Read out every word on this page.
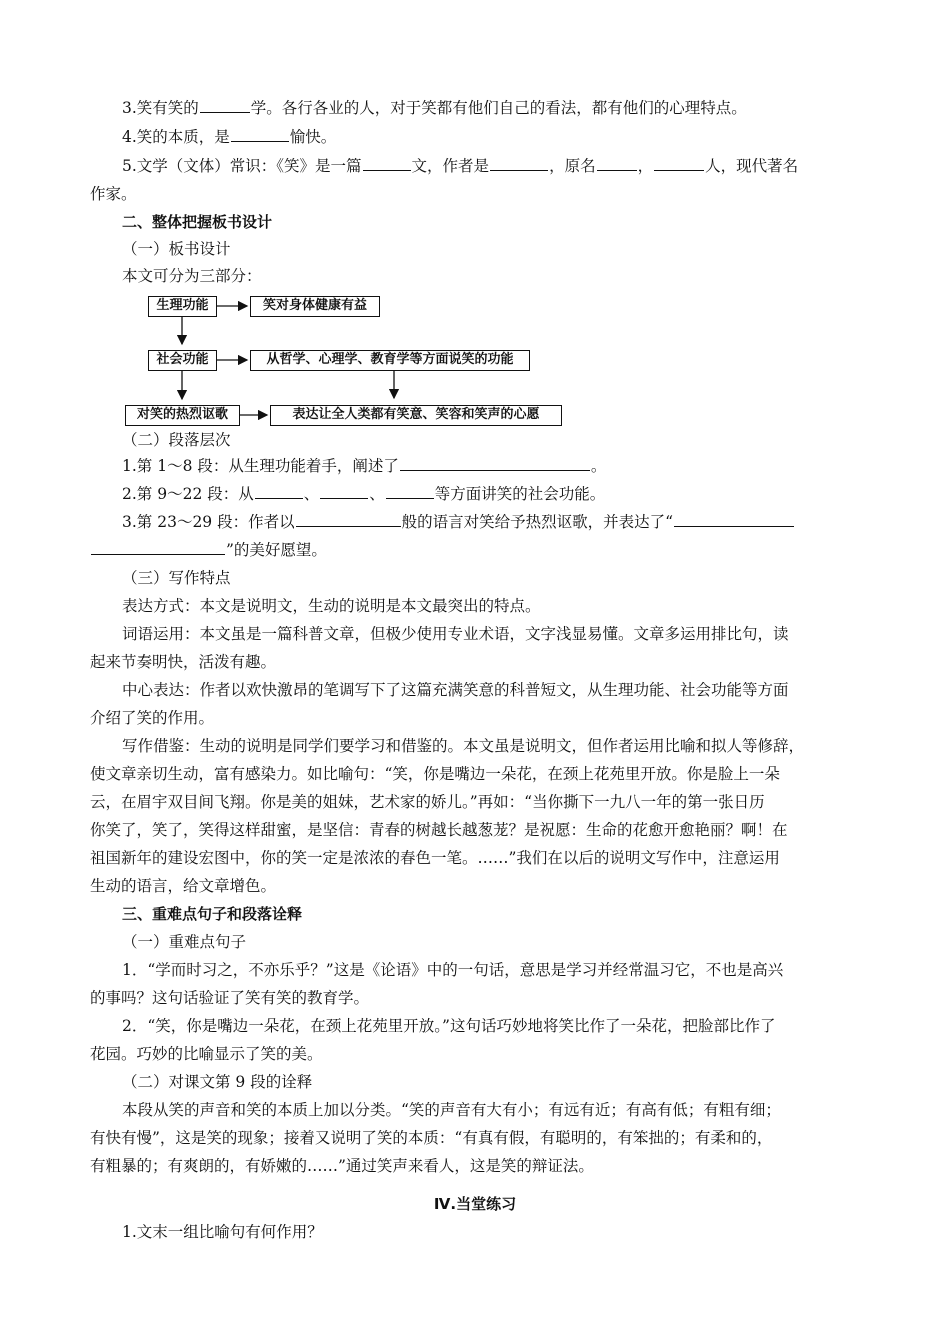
3.笑有笑的	学。各行各业的人，对于笑都有他们自己的看法，都有他们的心理特点。
4.笑的本质，是	愉快。
5.文学（文体）常识：《笑》是一篇	文，作者是	，原名	，	人，现代著名
作家。
二、整体把握板书设计
（一）板书设计
本文可分为三部分：
生理功能	笑对身体健康有益
社会功能	从哲学、心理学、教育学等方面说笑的功能
对笑的热烈讴歌	表达让全人类都有笑意、笑容和笑声的心愿
（二）段落层次
1.第 1～8 段：从生理功能着手，阐述了	。
2.第 9～22 段：从	、	、	等方面讲笑的社会功能。
3.第 23～29 段：作者以	般的语言对笑给予热烈讴歌，并表达了“
”的美好愿望。
（三）写作特点
表达方式：本文是说明文，生动的说明是本文最突出的特点。
词语运用：本文虽是一篇科普文章，但极少使用专业术语，文字浅显易懂。文章多运用排比句，读
起来节奏明快，活泼有趣。
中心表达：作者以欢快激昂的笔调写下了这篇充满笑意的科普短文，从生理功能、社会功能等方面
介绍了笑的作用。
写作借鉴：生动的说明是同学们要学习和借鉴的。本文虽是说明文，但作者运用比喻和拟人等修辞，
使文章亲切生动，富有感染力。如比喻句：“笑，你是嘴边一朵花，在颈上花苑里开放。你是脸上一朵
云，在眉宇双目间飞翔。你是美的姐妹，艺术家的娇儿。”再如：“当你撕下一九八一年的第一张日历
你笑了，笑了，笑得这样甜蜜，是坚信：青春的树越长越葱茏？是祝愿：生命的花愈开愈艳丽？啊！在
祖国新年的建设宏图中，你的笑一定是浓浓的春色一笔。……”我们在以后的说明文写作中，注意运用
生动的语言，给文章增色。
三、重难点句子和段落诠释
（一）重难点句子
1．“学而时习之，不亦乐乎？”这是《论语》中的一句话，意思是学习并经常温习它，不也是高兴
的事吗？这句话验证了笑有笑的教育学。
2．“笑，你是嘴边一朵花，在颈上花苑里开放。”这句话巧妙地将笑比作了一朵花，把脸部比作了
花园。巧妙的比喻显示了笑的美。
（二）对课文第 9 段的诠释
本段从笑的声音和笑的本质上加以分类。“笑的声音有大有小；有远有近；有高有低；有粗有细；
有快有慢”，这是笑的现象；接着又说明了笑的本质：“有真有假，有聪明的，有笨拙的；有柔和的，
有粗暴的；有爽朗的，有娇嫩的……”通过笑声来看人，这是笑的辩证法。
Ⅳ.当堂练习
1.文末一组比喻句有何作用？
